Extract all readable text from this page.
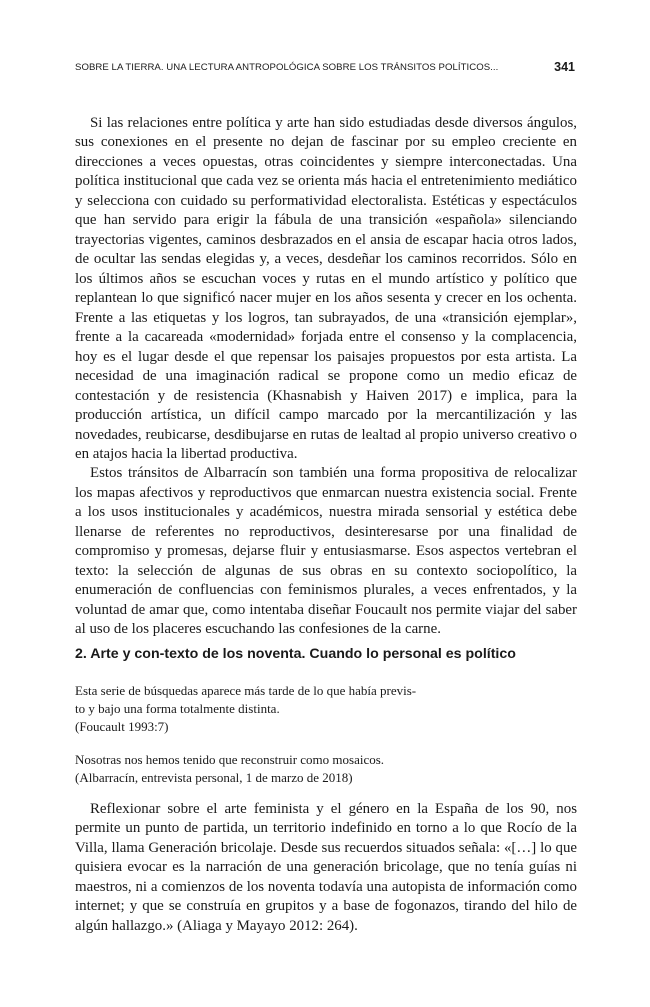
SOBRE LA TIERRA. UNA LECTURA ANTROPOLÓGICA SOBRE LOS TRÁNSITOS POLÍTICOS...	341

Si las relaciones entre política y arte han sido estudiadas desde diversos ángulos, sus conexiones en el presente no dejan de fascinar por su empleo creciente en direcciones a veces opuestas, otras coincidentes y siempre interconectadas. Una política institucional que cada vez se orienta más hacia el entretenimiento mediático y selecciona con cuidado su performatividad electoralista. Estéticas y espectáculos que han servido para erigir la fábula de una transición «española» silenciando trayectorias vigentes, caminos desbrazados en el ansia de escapar hacia otros lados, de ocultar las sendas elegidas y, a veces, desdeñar los caminos recorridos. Sólo en los últimos años se escuchan voces y rutas en el mundo artístico y político que replantean lo que significó nacer mujer en los años sesenta y crecer en los ochenta. Frente a las etiquetas y los logros, tan subrayados, de una «transición ejemplar», frente a la cacareada «modernidad» forjada entre el consenso y la complacencia, hoy es el lugar desde el que repensar los paisajes propuestos por esta artista. La necesidad de una imaginación radical se propone como un medio eficaz de contestación y de resistencia (Khasnabish y Haiven 2017) e implica, para la producción artística, un difícil campo marcado por la mercantilización y las novedades, reubicarse, desdibujarse en rutas de lealtad al propio universo creativo o en atajos hacia la libertad productiva.

Estos tránsitos de Albarracín son también una forma propositiva de relocalizar los mapas afectivos y reproductivos que enmarcan nuestra existencia social. Frente a los usos institucionales y académicos, nuestra mirada sensorial y estética debe llenarse de referentes no reproductivos, desinteresarse por una finalidad de compromiso y promesas, dejarse fluir y entusiasmarse. Esos aspectos vertebran el texto: la selección de algunas de sus obras en su contexto sociopolítico, la enumeración de confluencias con feminismos plurales, a veces enfrentados, y la voluntad de amar que, como intentaba diseñar Foucault nos permite viajar del saber al uso de los placeres escuchando las confesiones de la carne.

2. Arte y con-texto de los noventa. Cuando lo personal es político
Esta serie de búsquedas aparece más tarde de lo que había previs-
to y bajo una forma totalmente distinta.
(Foucault 1993:7)
Nosotras nos hemos tenido que reconstruir como mosaicos.
(Albarracín, entrevista personal, 1 de marzo de 2018)

Reflexionar sobre el arte feminista y el género en la España de los 90, nos permite un punto de partida, un territorio indefinido en torno a lo que Rocío de la Villa, llama Generación bricolaje. Desde sus recuerdos situados señala: «[…] lo que quisiera evocar es la narración de una generación bricolage, que no tenía guías ni maestros, ni a comienzos de los noventa todavía una autopista de información como internet; y que se construía en grupitos y a base de fogonazos, tirando del hilo de algún hallazgo.» (Aliaga y Mayayo 2012: 264).
